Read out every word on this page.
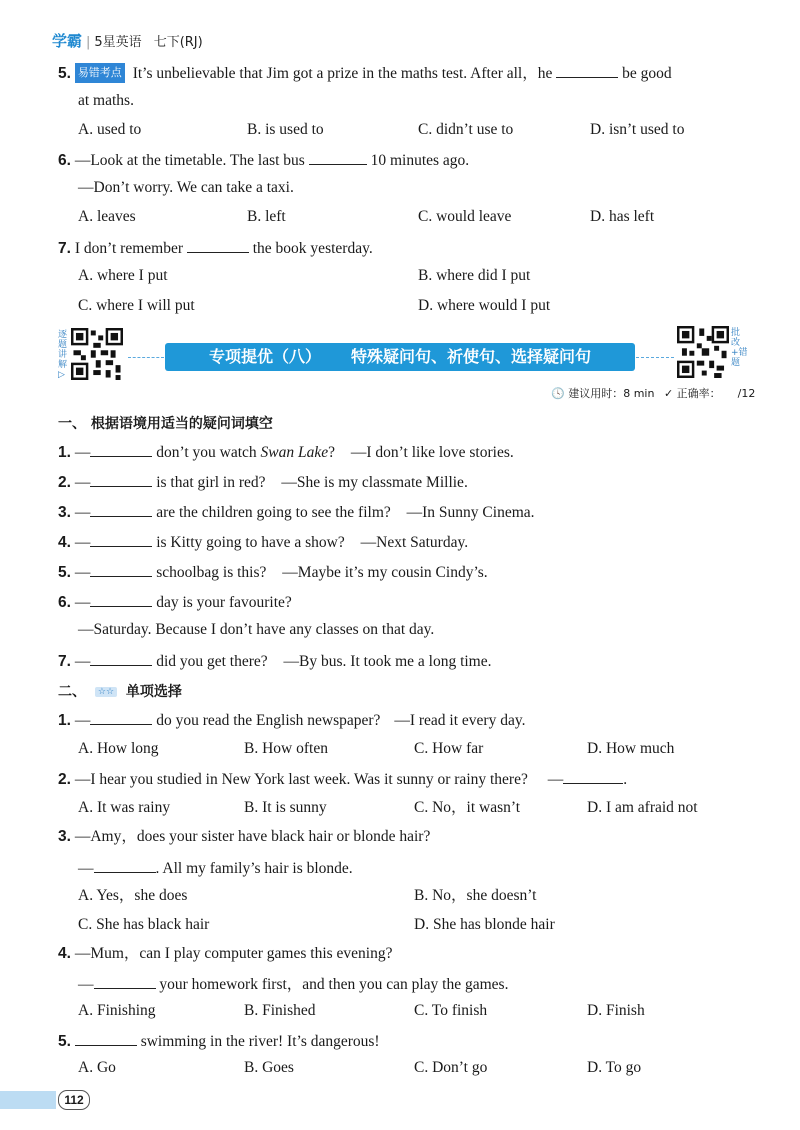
学霸 | 5星英语 七下(RJ)
5. 易错考点 It’s unbelievable that Jim got a prize in the maths test. After all，he	be good
at maths.
A. used to	B. is used to	C. didn’t use to	D. isn’t used to
6. —Look at the timetable. The last bus	10 minutes ago.
—Don’t worry. We can take a taxi.
A. leaves	B. left	C. would leave	D. has left
7. I don’t remember	the book yesterday.
A. where I put	B. where did I put
C. where I will put	D. where would I put
逐题讲解▷
专项提优（八） 特殊疑问句、祈使句、选择疑问句
批改+错题
🕓 建议用时：8 min ✓ 正确率： /12
一、 根据语境用适当的疑问词填空
1. —	don’t you watch Swan Lake? —I don’t like love stories.
2. —	is that girl in red? —She is my classmate Millie.
3. —	are the children going to see the film? —In Sunny Cinema.
4. —	is Kitty going to have a show? —Next Saturday.
5. —	schoolbag is this? —Maybe it’s my cousin Cindy’s.
6. —	day is your favourite?
—Saturday. Because I don’t have any classes on that day.
7. —	did you get there? —By bus. It took me a long time.
二、 ☆☆ 单项选择
1. —	do you read the English newspaper? —I read it every day.
A. How long	B. How often	C. How far	D. How much
2. —I hear you studied in New York last week. Was it sunny or rainy there? —	.
A. It was rainy	B. It is sunny	C. No，it wasn’t	D. I am afraid not
3. —Amy，does your sister have black hair or blonde hair?
—	. All my family’s hair is blonde.
A. Yes，she does	B. No，she doesn’t
C. She has black hair	D. She has blonde hair
4. —Mum，can I play computer games this evening?
—	your homework first，and then you can play the games.
A. Finishing	B. Finished	C. To finish	D. Finish
5.	swimming in the river! It’s dangerous!
A. Go	B. Goes	C. Don’t go	D. To go
112
